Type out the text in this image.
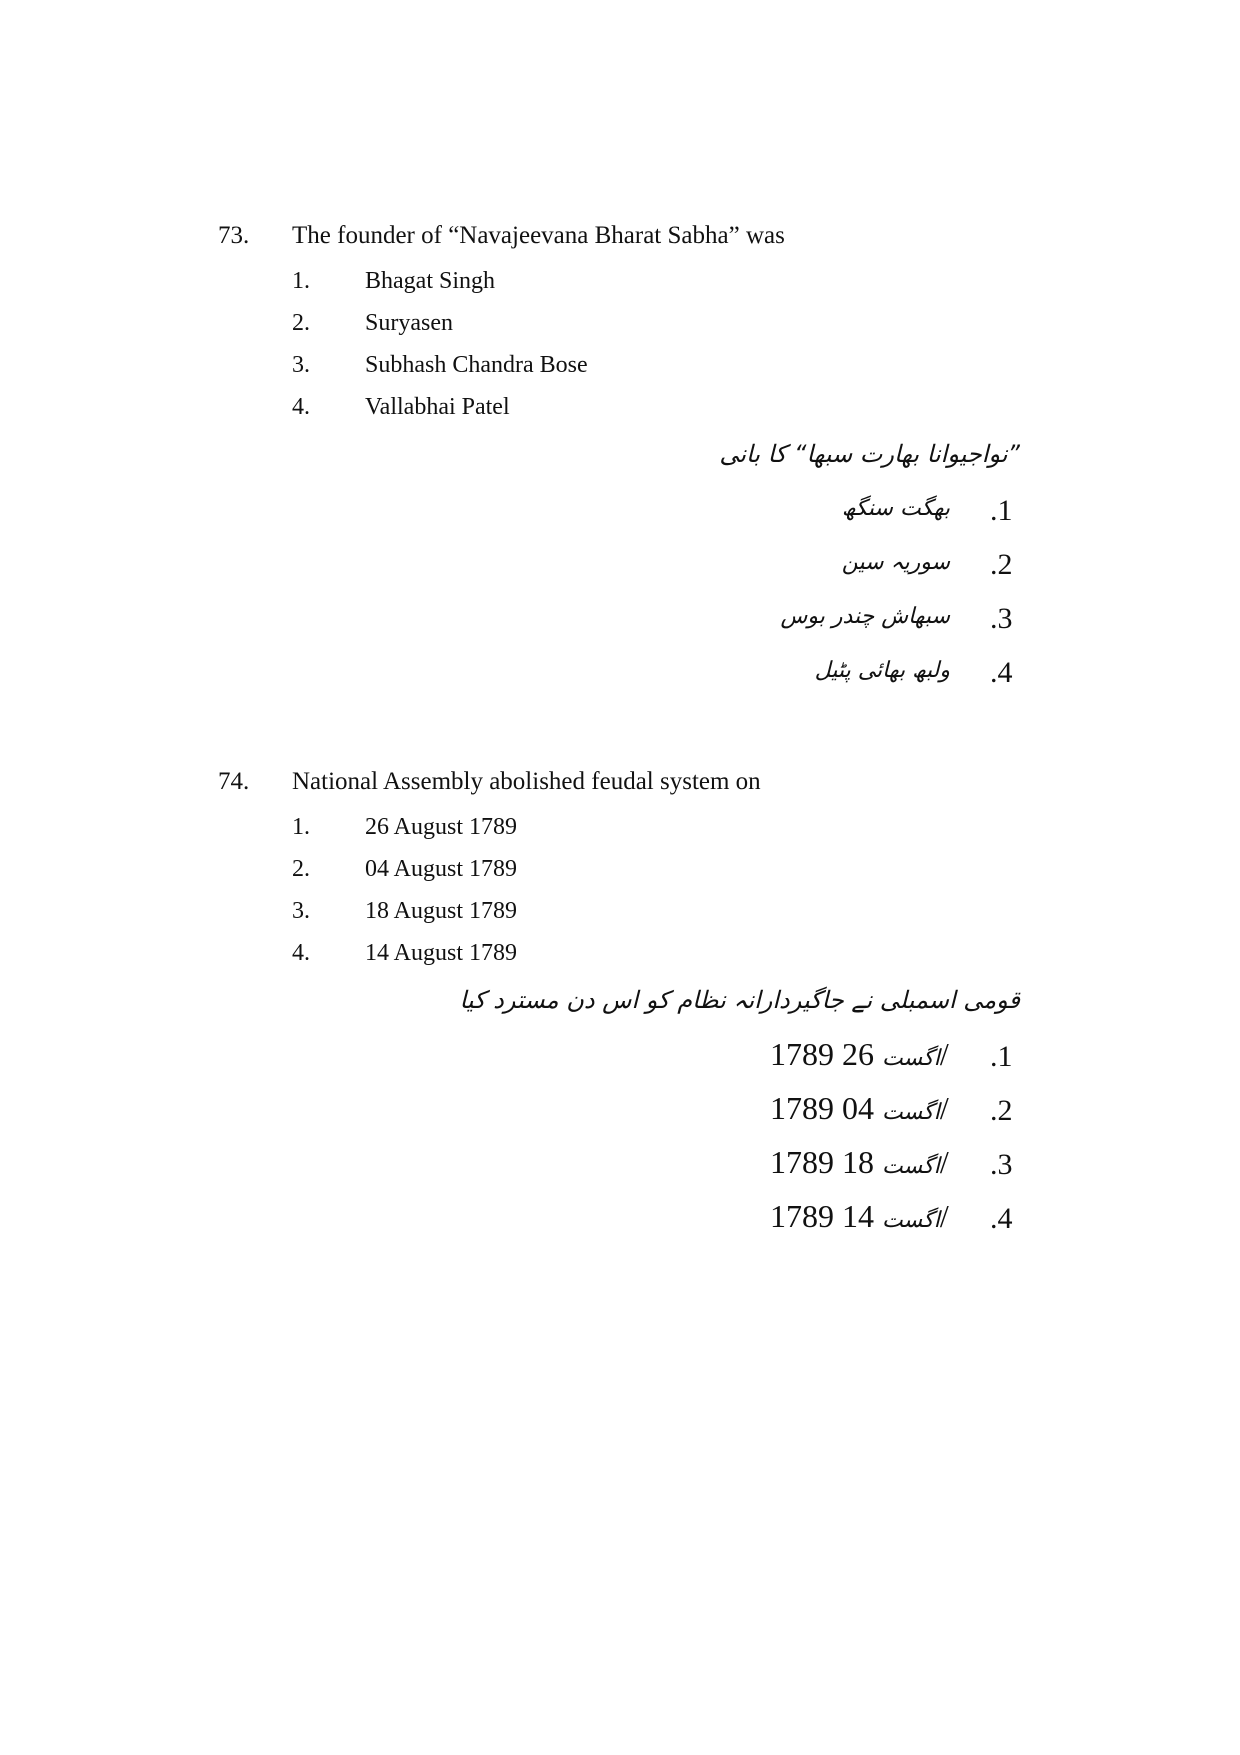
73. The founder of “Navajeevana Bharat Sabha” was
1. Bhagat Singh
2. Suryasen
3. Subhash Chandra Bose
4. Vallabhai Patel
”نواجیوانا بھارت سبھا“ کا بانی
.1
بھگت سنگھ
.2
سوریہ سین
.3
سبھاش چندر بوس
.4
ولبھ بھائی پٹیل
74. National Assembly abolished feudal system on
1. 26 August 1789
2. 04 August 1789
3. 18 August 1789
4. 14 August 1789
قومی اسمبلی نے جاگیردارانہ نظام کو اس دن مسترد کیا
.1
1789 اگست 26/
.2
1789 اگست 04/
.3
1789 اگست 18/
.4
1789 اگست 14/
